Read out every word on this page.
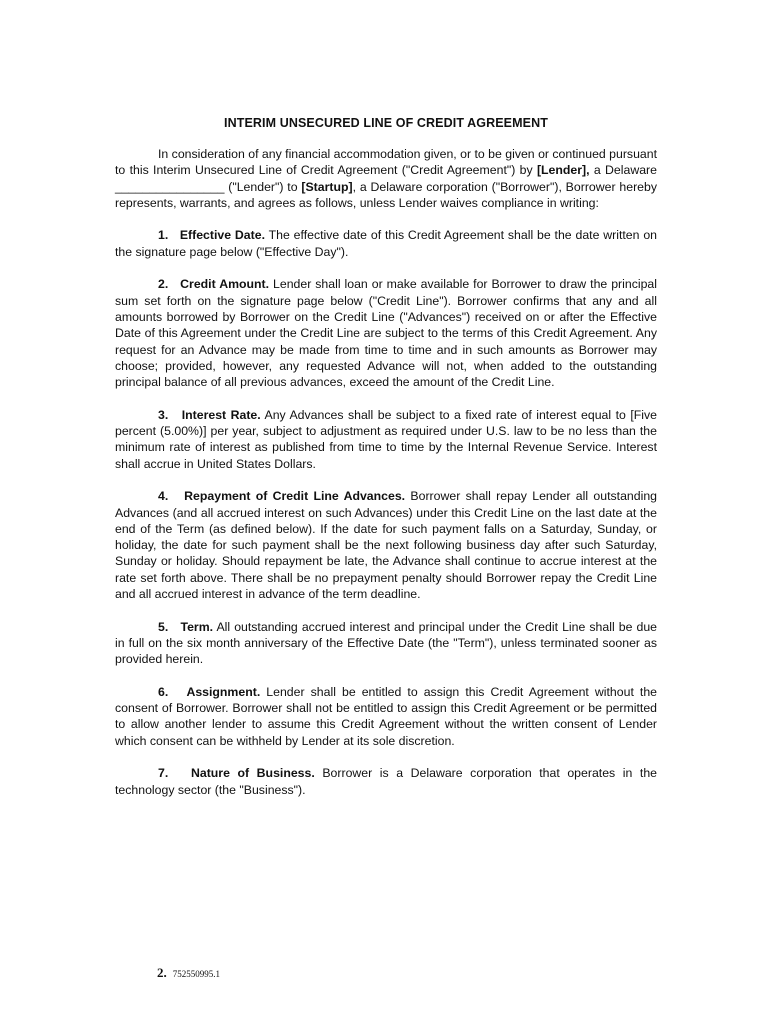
INTERIM UNSECURED LINE OF CREDIT AGREEMENT

In consideration of any financial accommodation given, or to be given or continued pursuant to this Interim Unsecured Line of Credit Agreement ("Credit Agreement") by [Lender], a Delaware ________________ ("Lender") to [Startup], a Delaware corporation ("Borrower"), Borrower hereby represents, warrants, and agrees as follows, unless Lender waives compliance in writing:

1. Effective Date. The effective date of this Credit Agreement shall be the date written on the signature page below ("Effective Day").

2. Credit Amount. Lender shall loan or make available for Borrower to draw the principal sum set forth on the signature page below ("Credit Line"). Borrower confirms that any and all amounts borrowed by Borrower on the Credit Line ("Advances") received on or after the Effective Date of this Agreement under the Credit Line are subject to the terms of this Credit Agreement. Any request for an Advance may be made from time to time and in such amounts as Borrower may choose; provided, however, any requested Advance will not, when added to the outstanding principal balance of all previous advances, exceed the amount of the Credit Line.

3. Interest Rate. Any Advances shall be subject to a fixed rate of interest equal to [Five percent (5.00%)] per year, subject to adjustment as required under U.S. law to be no less than the minimum rate of interest as published from time to time by the Internal Revenue Service. Interest shall accrue in United States Dollars.

4. Repayment of Credit Line Advances. Borrower shall repay Lender all outstanding Advances (and all accrued interest on such Advances) under this Credit Line on the last date at the end of the Term (as defined below). If the date for such payment falls on a Saturday, Sunday, or holiday, the date for such payment shall be the next following business day after such Saturday, Sunday or holiday. Should repayment be late, the Advance shall continue to accrue interest at the rate set forth above. There shall be no prepayment penalty should Borrower repay the Credit Line and all accrued interest in advance of the term deadline.

5. Term. All outstanding accrued interest and principal under the Credit Line shall be due in full on the six month anniversary of the Effective Date (the "Term"), unless terminated sooner as provided herein.

6. Assignment. Lender shall be entitled to assign this Credit Agreement without the consent of Borrower. Borrower shall not be entitled to assign this Credit Agreement or be permitted to allow another lender to assume this Credit Agreement without the written consent of Lender which consent can be withheld by Lender at its sole discretion.

7. Nature of Business. Borrower is a Delaware corporation that operates in the technology sector (the "Business").

2. 752550995.1
